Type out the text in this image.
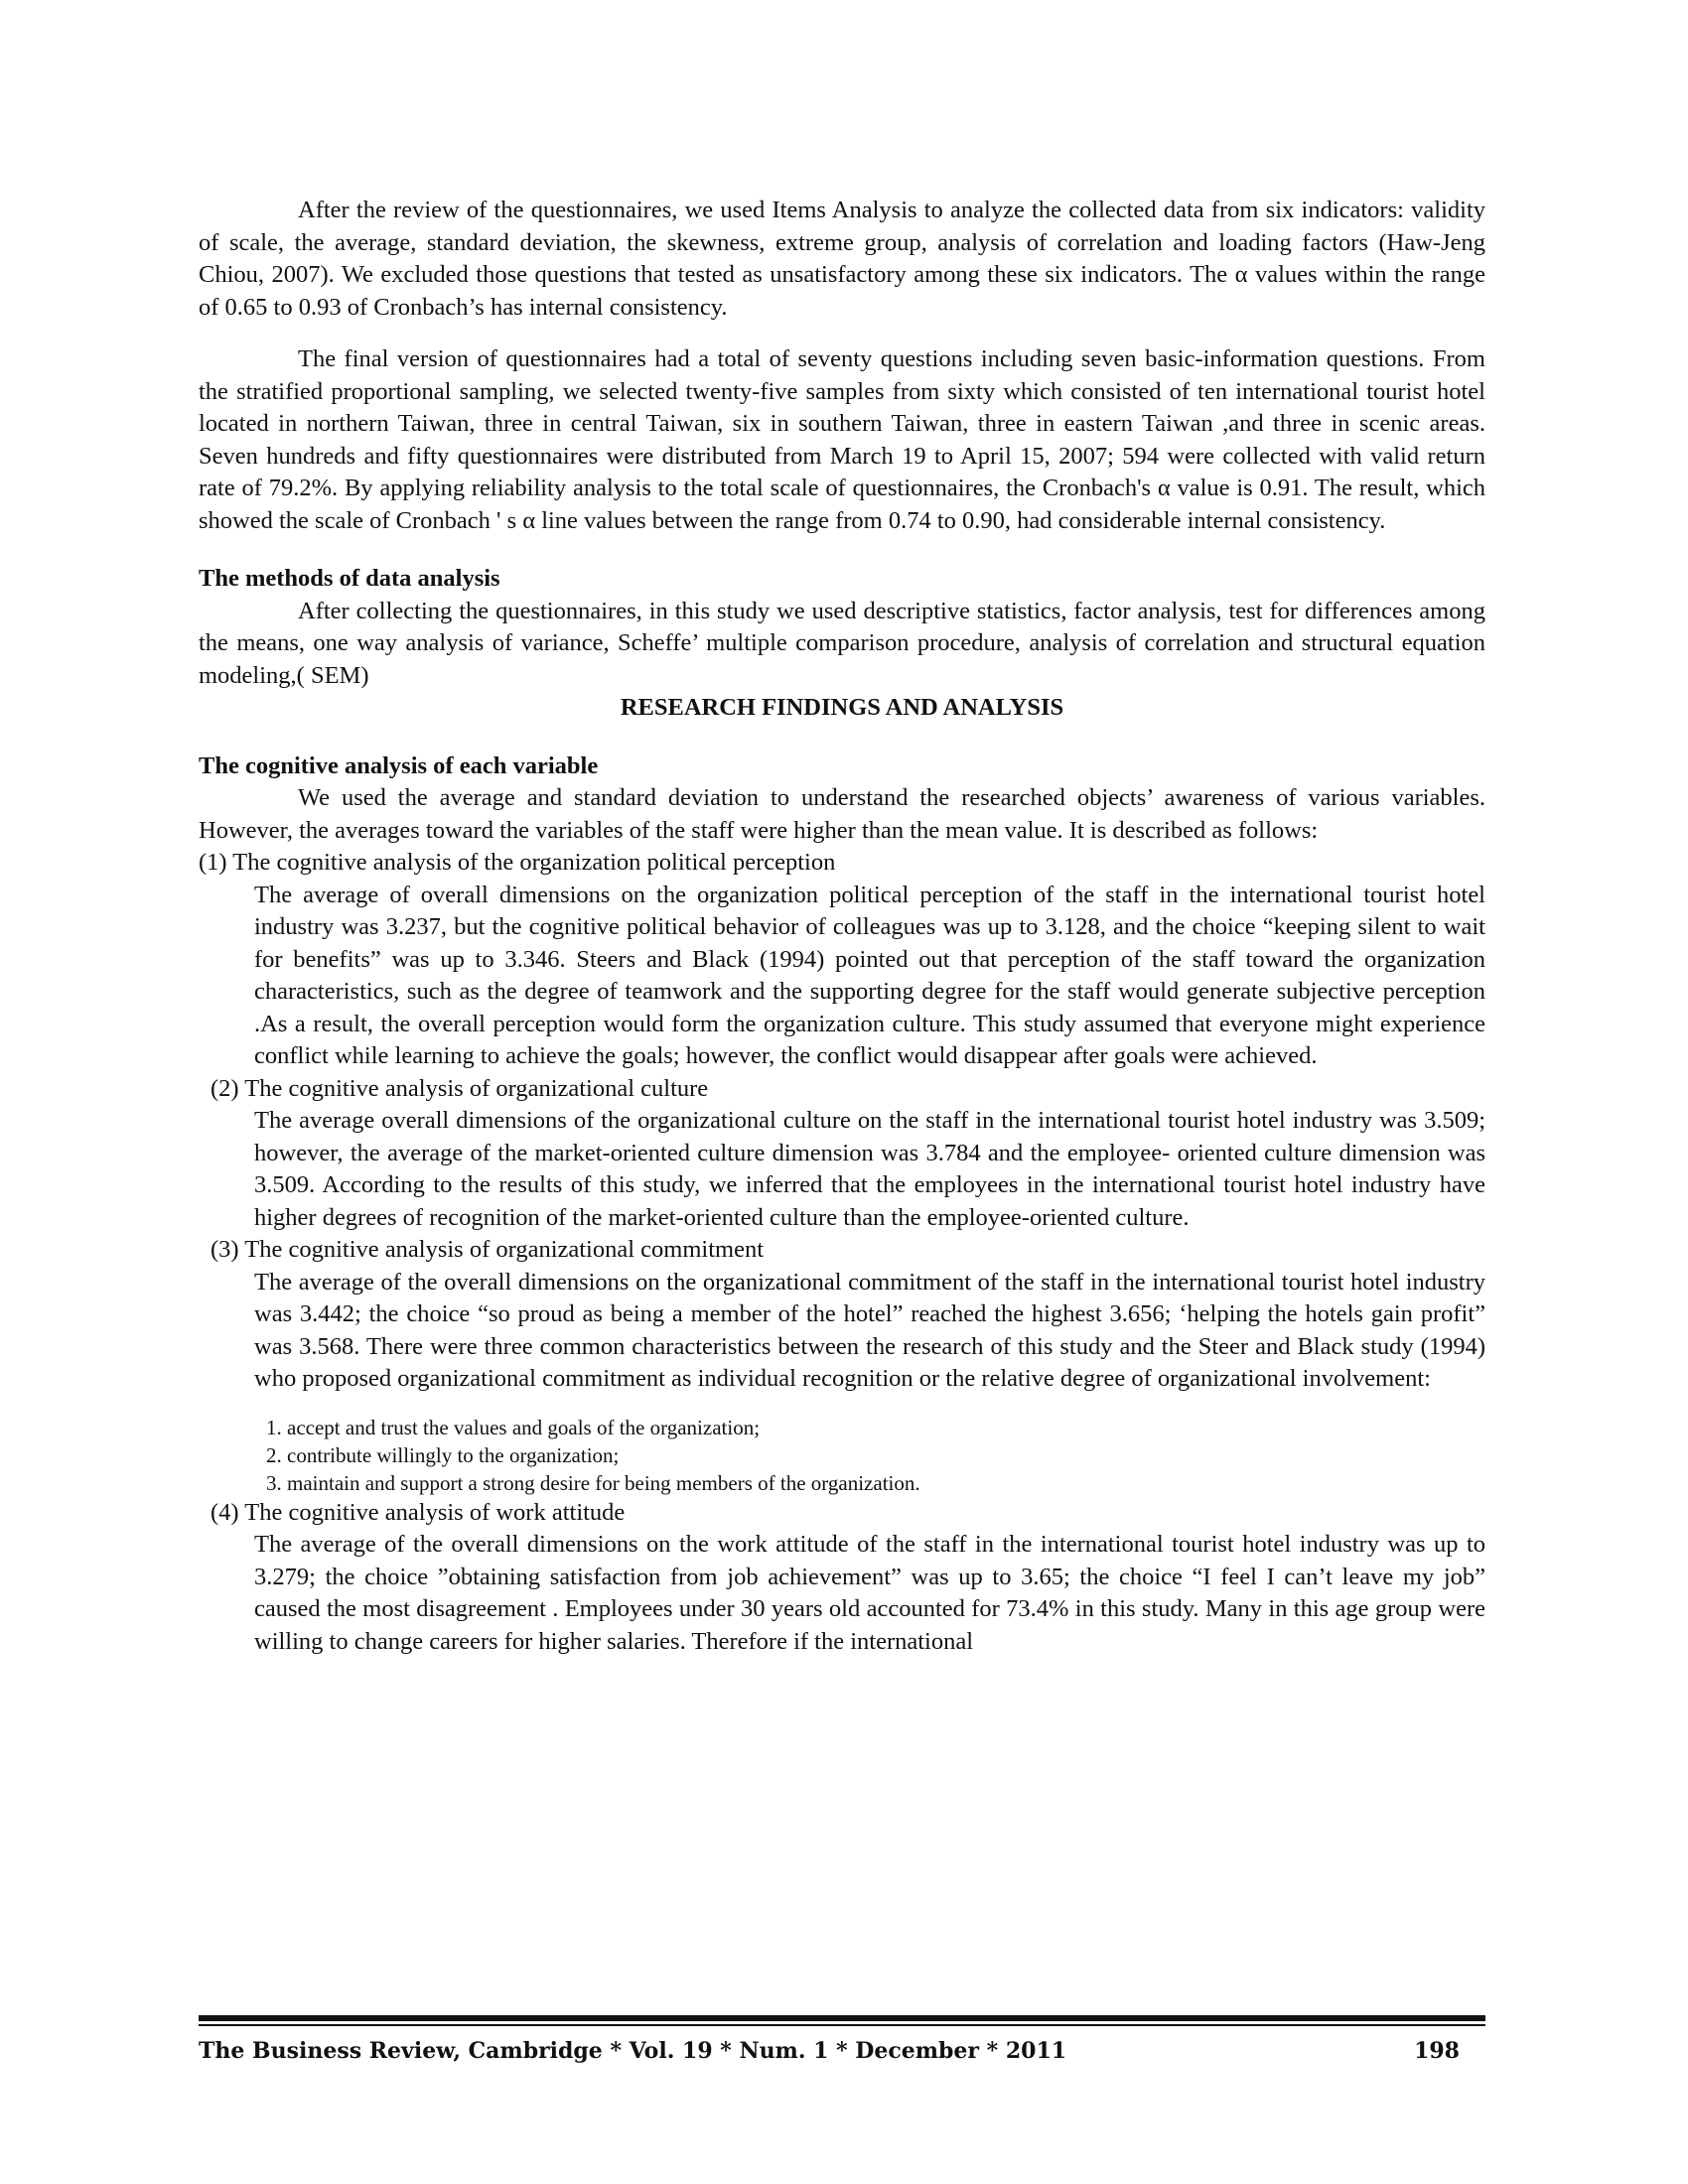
After the review of the questionnaires, we used Items Analysis to analyze the collected data from six indicators: validity of scale, the average, standard deviation, the skewness, extreme group, analysis of correlation and loading factors (Haw-Jeng Chiou, 2007). We excluded those questions that tested as unsatisfactory among these six indicators. The α values within the range of 0.65 to 0.93 of Cronbach’s has internal consistency.

The final version of questionnaires had a total of seventy questions including seven basic-information questions. From the stratified proportional sampling, we selected twenty-five samples from sixty which consisted of ten international tourist hotel located in northern Taiwan, three in central Taiwan, six in southern Taiwan, three in eastern Taiwan ,and three in scenic areas. Seven hundreds and fifty questionnaires were distributed from March 19 to April 15, 2007; 594 were collected with valid return rate of 79.2%. By applying reliability analysis to the total scale of questionnaires, the Cronbach's α value is 0.91. The result, which showed the scale of Cronbach ' s α line values between the range from 0.74 to 0.90, had considerable internal consistency.

The methods of data analysis

After collecting the questionnaires, in this study we used descriptive statistics, factor analysis, test for differences among the means, one way analysis of variance, Scheffe’ multiple comparison procedure, analysis of correlation and structural equation modeling,( SEM)

RESEARCH FINDINGS AND ANALYSIS

The cognitive analysis of each variable

We used the average and standard deviation to understand the researched objects’ awareness of various variables. However, the averages toward the variables of the staff were higher than the mean value. It is described as follows:

(1) The cognitive analysis of the organization political perception

The average of overall dimensions on the organization political perception of the staff in the international tourist hotel industry was 3.237, but the cognitive political behavior of colleagues was up to 3.128, and the choice “keeping silent to wait for benefits” was up to 3.346. Steers and Black (1994) pointed out that perception of the staff toward the organization characteristics, such as the degree of teamwork and the supporting degree for the staff would generate subjective perception .As a result, the overall perception would form the organization culture. This study assumed that everyone might experience conflict while learning to achieve the goals; however, the conflict would disappear after goals were achieved.

(2) The cognitive analysis of organizational culture

The average overall dimensions of the organizational culture on the staff in the international tourist hotel industry was 3.509; however, the average of the market-oriented culture dimension was 3.784 and the employee- oriented culture dimension was 3.509. According to the results of this study, we inferred that the employees in the international tourist hotel industry have higher degrees of recognition of the market-oriented culture than the employee-oriented culture.

(3) The cognitive analysis of organizational commitment

The average of the overall dimensions on the organizational commitment of the staff in the international tourist hotel industry was 3.442; the choice “so proud as being a member of the hotel” reached the highest 3.656; ‘helping the hotels gain profit” was 3.568. There were three common characteristics between the research of this study and the Steer and Black study (1994) who proposed organizational commitment as individual recognition or the relative degree of organizational involvement:

1. accept and trust the values and goals of the organization;
2. contribute willingly to the organization;
3. maintain and support a strong desire for being members of the organization.

(4) The cognitive analysis of work attitude

The average of the overall dimensions on the work attitude of the staff in the international tourist hotel industry was up to 3.279; the choice ”obtaining satisfaction from job achievement” was up to 3.65; the choice “I feel I can’t leave my job” caused the most disagreement . Employees under 30 years old accounted for 73.4% in this study. Many in this age group were willing to change careers for higher salaries. Therefore if the international

The Business Review, Cambridge * Vol. 19 * Num. 1 * December * 2011	198
